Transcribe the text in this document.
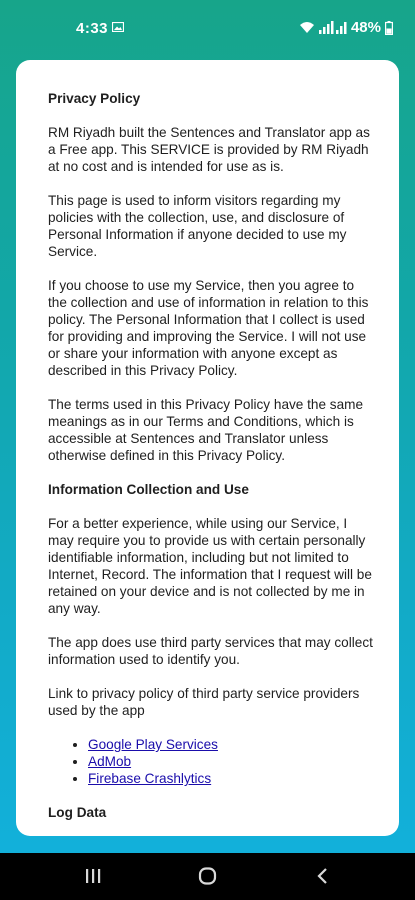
4:33	48%
Privacy Policy

RM Riyadh built the Sentences and Translator app as a Free app. This SERVICE is provided by RM Riyadh at no cost and is intended for use as is.

This page is used to inform visitors regarding my policies with the collection, use, and disclosure of Personal Information if anyone decided to use my Service.

If you choose to use my Service, then you agree to the collection and use of information in relation to this policy. The Personal Information that I collect is used for providing and improving the Service. I will not use or share your information with anyone except as described in this Privacy Policy.

The terms used in this Privacy Policy have the same meanings as in our Terms and Conditions, which is accessible at Sentences and Translator unless otherwise defined in this Privacy Policy.

Information Collection and Use

For a better experience, while using our Service, I may require you to provide us with certain personally identifiable information, including but not limited to Internet, Record. The information that I request will be retained on your device and is not collected by me in any way.

The app does use third party services that may collect information used to identify you.

Link to privacy policy of third party service providers used by the app

• Google Play Services
• AdMob
• Firebase Crashlytics
Log Data
